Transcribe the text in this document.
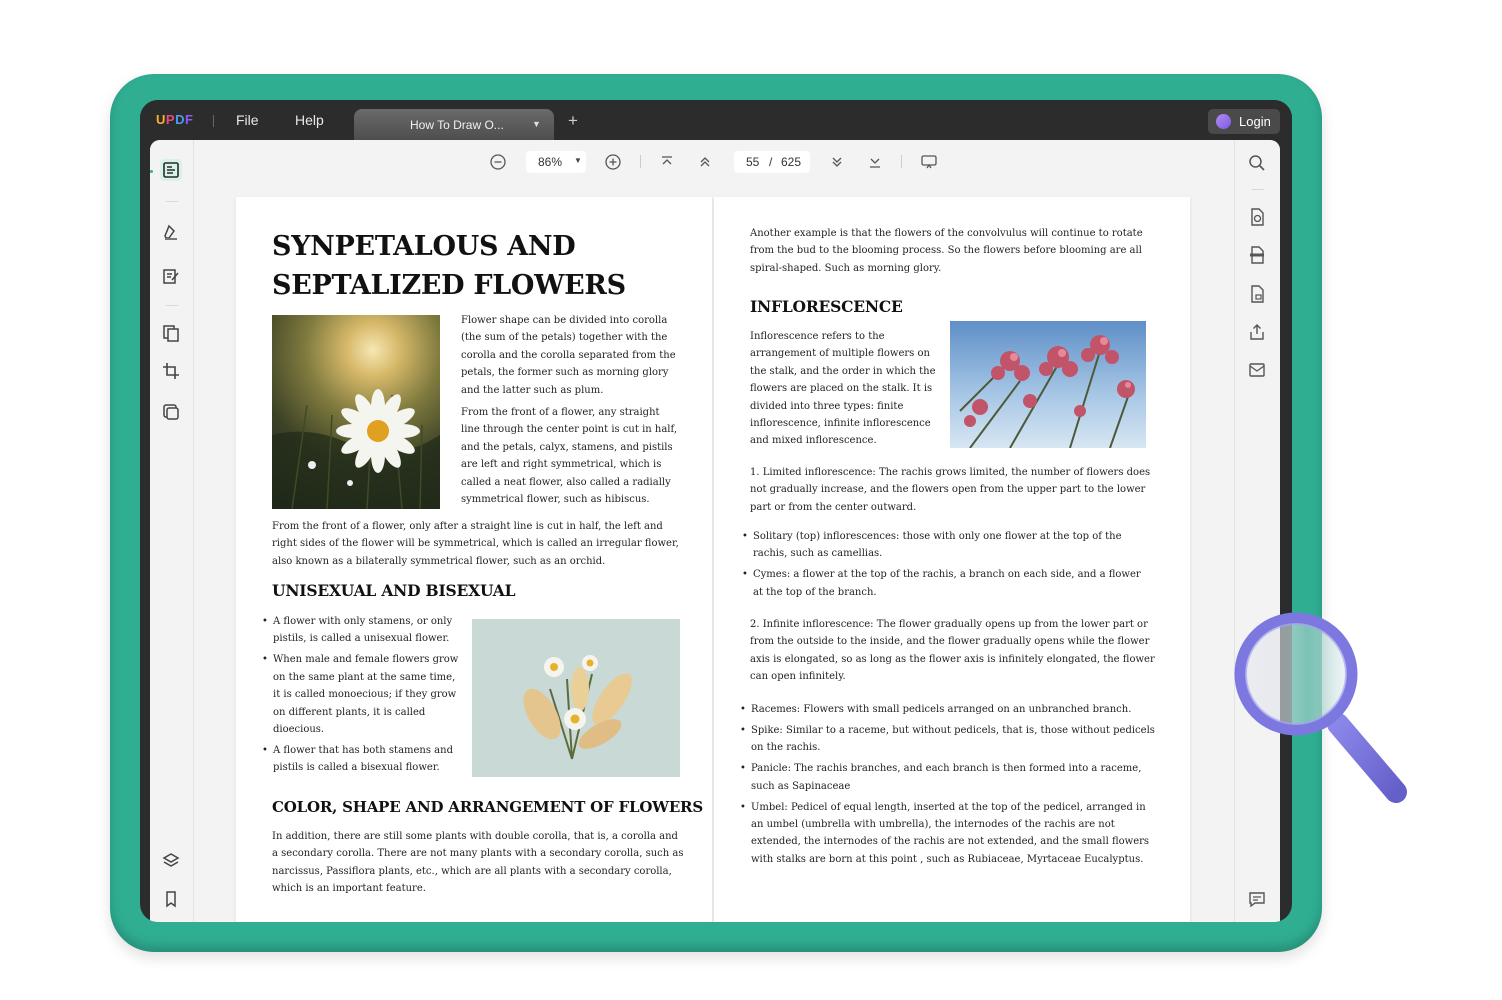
UPDF	File	Help	How To Draw O...	▼ +	Login
86% ▼	55 / 625
SYNPETALOUS AND SEPTALIZED FLOWERS
Flower shape can be divided into corolla (the sum of the petals) together with the corolla and the corolla separated from the petals, the former such as morning glory and the latter such as plum.
From the front of a flower, any straight line through the center point is cut in half, and the petals, calyx, stamens, and pistils are left and right symmetrical, which is called a neat flower, also called a radially symmetrical flower, such as hibiscus.
From the front of a flower, only after a straight line is cut in half, the left and right sides of the flower will be symmetrical, which is called an irregular flower, also known as a bilaterally symmetrical flower, such as an orchid.
UNISEXUAL AND BISEXUAL
• A flower with only stamens, or only pistils, is called a unisexual flower.
• When male and female flowers grow on the same plant at the same time, it is called monoecious; if they grow on different plants, it is called dioecious.
• A flower that has both stamens and pistils is called a bisexual flower.
COLOR, SHAPE AND ARRANGEMENT OF FLOWERS
In addition, there are still some plants with double corolla, that is, a corolla and a secondary corolla. There are not many plants with a secondary corolla, such as narcissus, Passiflora plants, etc., which are all plants with a secondary corolla, which is an important feature.
Another example is that the flowers of the convolvulus will continue to rotate from the bud to the blooming process. So the flowers before blooming are all spiral-shaped. Such as morning glory.
INFLORESCENCE
Inflorescence refers to the arrangement of multiple flowers on the stalk, and the order in which the flowers are placed on the stalk. It is divided into three types: finite inflorescence, infinite inflorescence and mixed inflorescence.
1. Limited inflorescence: The rachis grows limited, the number of flowers does not gradually increase, and the flowers open from the upper part to the lower part or from the center outward.
• Solitary (top) inflorescences: those with only one flower at the top of the rachis, such as camellias.
• Cymes: a flower at the top of the rachis, a branch on each side, and a flower at the top of the branch.
2. Infinite inflorescence: The flower gradually opens up from the lower part or from the outside to the inside, and the flower gradually opens while the flower axis is elongated, so as long as the flower axis is infinitely elongated, the flower can open infinitely.
• Racemes: Flowers with small pedicels arranged on an unbranched branch.
• Spike: Similar to a raceme, but without pedicels, that is, those without pedicels on the rachis.
• Panicle: The rachis branches, and each branch is then formed into a raceme, such as Sapinaceae
• Umbel: Pedicel of equal length, inserted at the top of the pedicel, arranged in an umbel (umbrella with umbrella), the internodes of the rachis are not extended, the internodes of the rachis are not extended, and the small flowers with stalks are born at this point , such as Rubiaceae, Myrtaceae Eucalyptus.
